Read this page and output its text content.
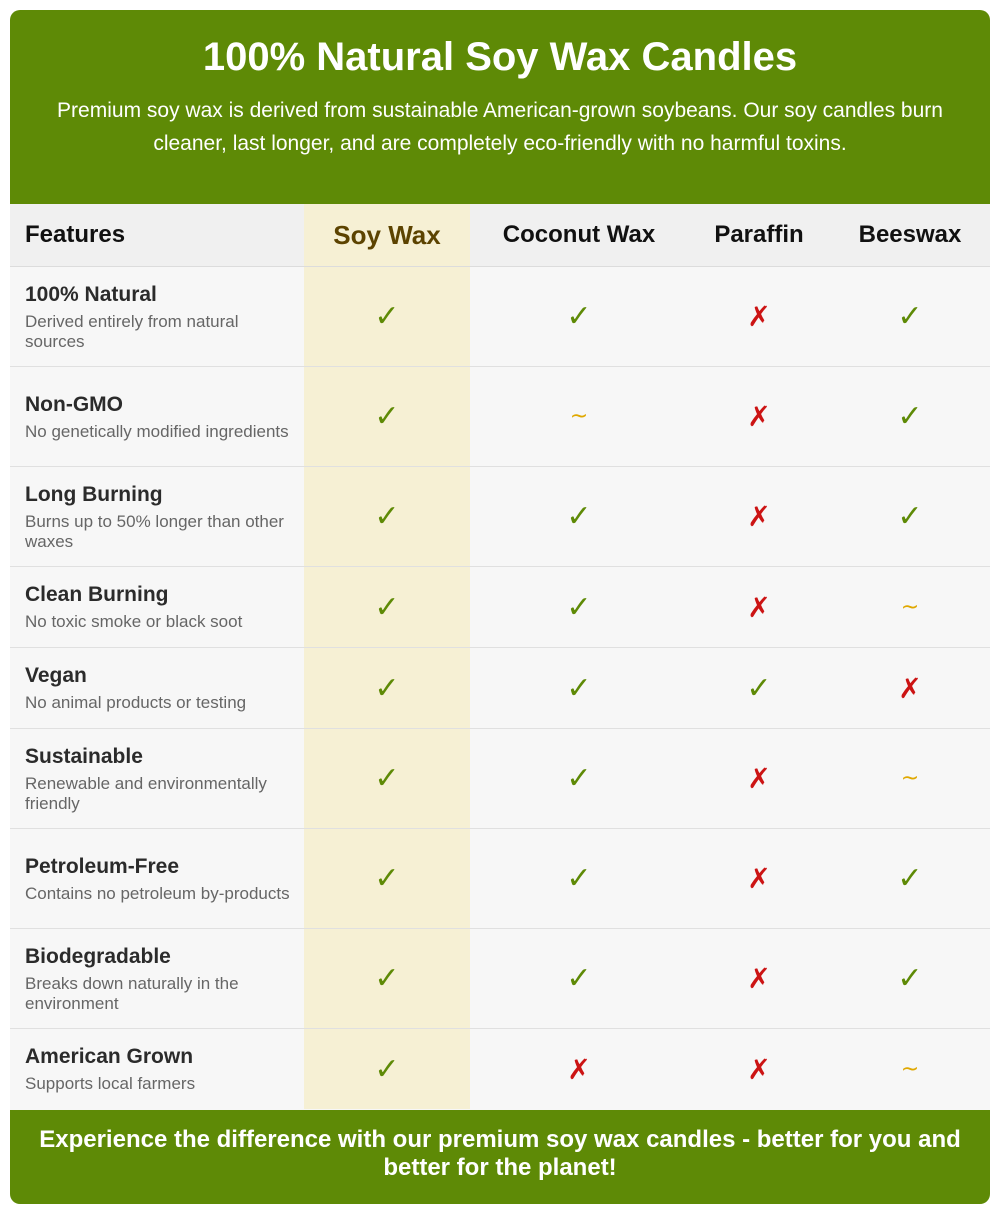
100% Natural Soy Wax Candles

Premium soy wax is derived from sustainable American-grown soybeans. Our soy candles burn cleaner, last longer, and are completely eco-friendly with no harmful toxins.

Features	Soy Wax	Coconut Wax	Paraffin	Beeswax

100% Natural
Derived entirely from natural sources	✓	✓	✗	✓

Non-GMO
No genetically modified ingredients	✓	~	✗	✓

Long Burning
Burns up to 50% longer than other waxes	✓	✓	✗	✓

Clean Burning
No toxic smoke or black soot	✓	✓	✗	~

Vegan
No animal products or testing	✓	✓	✓	✗

Sustainable
Renewable and environmentally friendly	✓	✓	✗	~

Petroleum-Free
Contains no petroleum by-products	✓	✓	✗	✓

Biodegradable
Breaks down naturally in the environment	✓	✓	✗	✓

American Grown
Supports local farmers	✓	✗	✗	~
Experience the difference with our premium soy wax candles - better for you and better for the planet!
